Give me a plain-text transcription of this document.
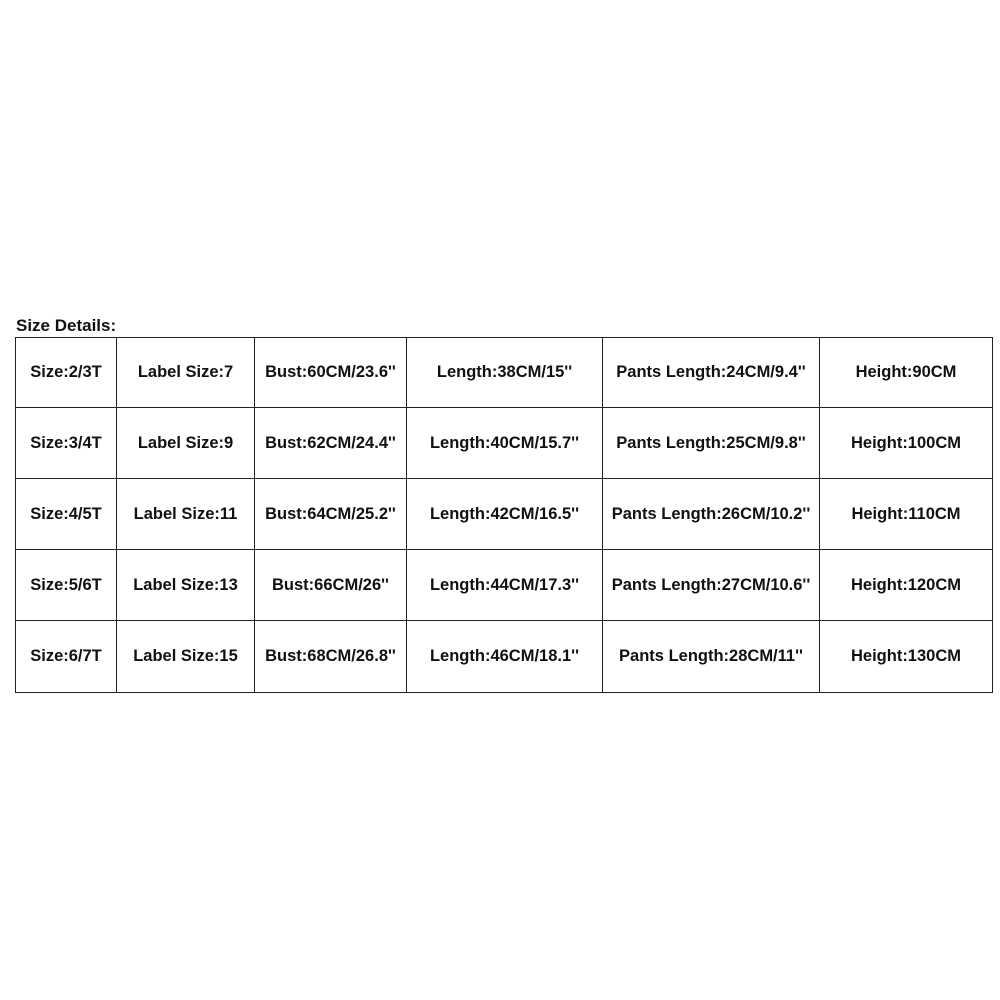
Size Details:
Size:2/3T	Label Size:7	Bust:60CM/23.6''	Length:38CM/15''	Pants Length:24CM/9.4''	Height:90CM
Size:3/4T	Label Size:9	Bust:62CM/24.4''	Length:40CM/15.7''	Pants Length:25CM/9.8''	Height:100CM
Size:4/5T	Label Size:11	Bust:64CM/25.2''	Length:42CM/16.5''	Pants Length:26CM/10.2''	Height:110CM
Size:5/6T	Label Size:13	Bust:66CM/26''	Length:44CM/17.3''	Pants Length:27CM/10.6''	Height:120CM
Size:6/7T	Label Size:15	Bust:68CM/26.8''	Length:46CM/18.1''	Pants Length:28CM/11''	Height:130CM
